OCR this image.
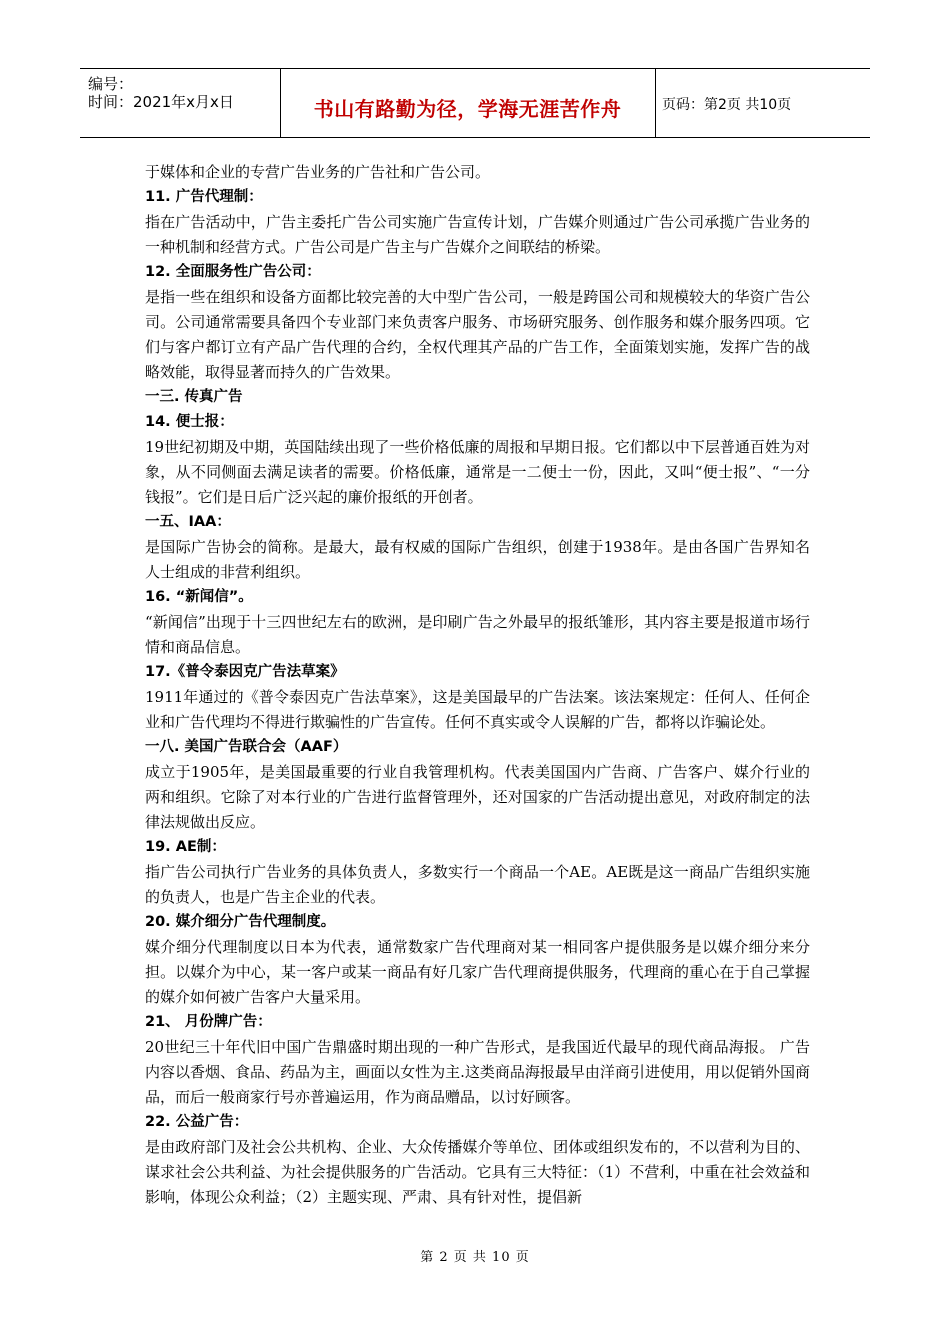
编号：
时间：2021年x月x日	书山有路勤为径，学海无涯苦作舟	页码：第2页 共10页
于媒体和企业的专营广告业务的广告社和广告公司。
11. 广告代理制：
指在广告活动中，广告主委托广告公司实施广告宣传计划，广告媒介则通过广告公司承揽广告业务的一种机制和经营方式。广告公司是广告主与广告媒介之间联结的桥梁。
12. 全面服务性广告公司：
是指一些在组织和设备方面都比较完善的大中型广告公司，一般是跨国公司和规模较大的华资广告公司。公司通常需要具备四个专业部门来负责客户服务、市场研究服务、创作服务和媒介服务四项。它们与客户都订立有产品广告代理的合约，全权代理其产品的广告工作，全面策划实施，发挥广告的战略效能，取得显著而持久的广告效果。
一三. 传真广告
14. 便士报：
19世纪初期及中期，英国陆续出现了一些价格低廉的周报和早期日报。它们都以中下层普通百姓为对象，从不同侧面去满足读者的需要。价格低廉，通常是一二便士一份，因此，又叫“便士报”、“一分钱报”。它们是日后广泛兴起的廉价报纸的开创者。
一五、IAA：
是国际广告协会的简称。是最大，最有权威的国际广告组织，创建于1938年。是由各国广告界知名人士组成的非营利组织。
16. “新闻信”。
“新闻信”出现于十三四世纪左右的欧洲，是印刷广告之外最早的报纸雏形，其内容主要是报道市场行情和商品信息。
17.《普令泰因克广告法草案》
1911年通过的《普令泰因克广告法草案》，这是美国最早的广告法案。该法案规定：任何人、任何企业和广告代理均不得进行欺骗性的广告宣传。任何不真实或令人误解的广告，都将以诈骗论处。
一八. 美国广告联合会（AAF）
成立于1905年，是美国最重要的行业自我管理机构。代表美国国内广告商、广告客户、媒介行业的两和组织。它除了对本行业的广告进行监督管理外，还对国家的广告活动提出意见，对政府制定的法律法规做出反应。
19. AE制：
指广告公司执行广告业务的具体负责人，多数实行一个商品一个AE。AE既是这一商品广告组织实施的负责人，也是广告主企业的代表。
20. 媒介细分广告代理制度。
媒介细分代理制度以日本为代表，通常数家广告代理商对某一相同客户提供服务是以媒介细分来分担。以媒介为中心，某一客户或某一商品有好几家广告代理商提供服务，代理商的重心在于自己掌握的媒介如何被广告客户大量采用。
21、 月份牌广告：
20世纪三十年代旧中国广告鼎盛时期出现的一种广告形式，是我国近代最早的现代商品海报。 广告内容以香烟、食品、药品为主，画面以女性为主.这类商品海报最早由洋商引进使用，用以促销外国商品，而后一般商家行号亦普遍运用，作为商品赠品，以讨好顾客。
22. 公益广告：
是由政府部门及社会公共机构、企业、大众传播媒介等单位、团体或组织发布的，不以营利为目的、谋求社会公共利益、为社会提供服务的广告活动。它具有三大特征：（1）不营利，中重在社会效益和影响，体现公众利益；（2）主题实现、严肃、具有针对性，提倡新
第 2 页 共 10 页
